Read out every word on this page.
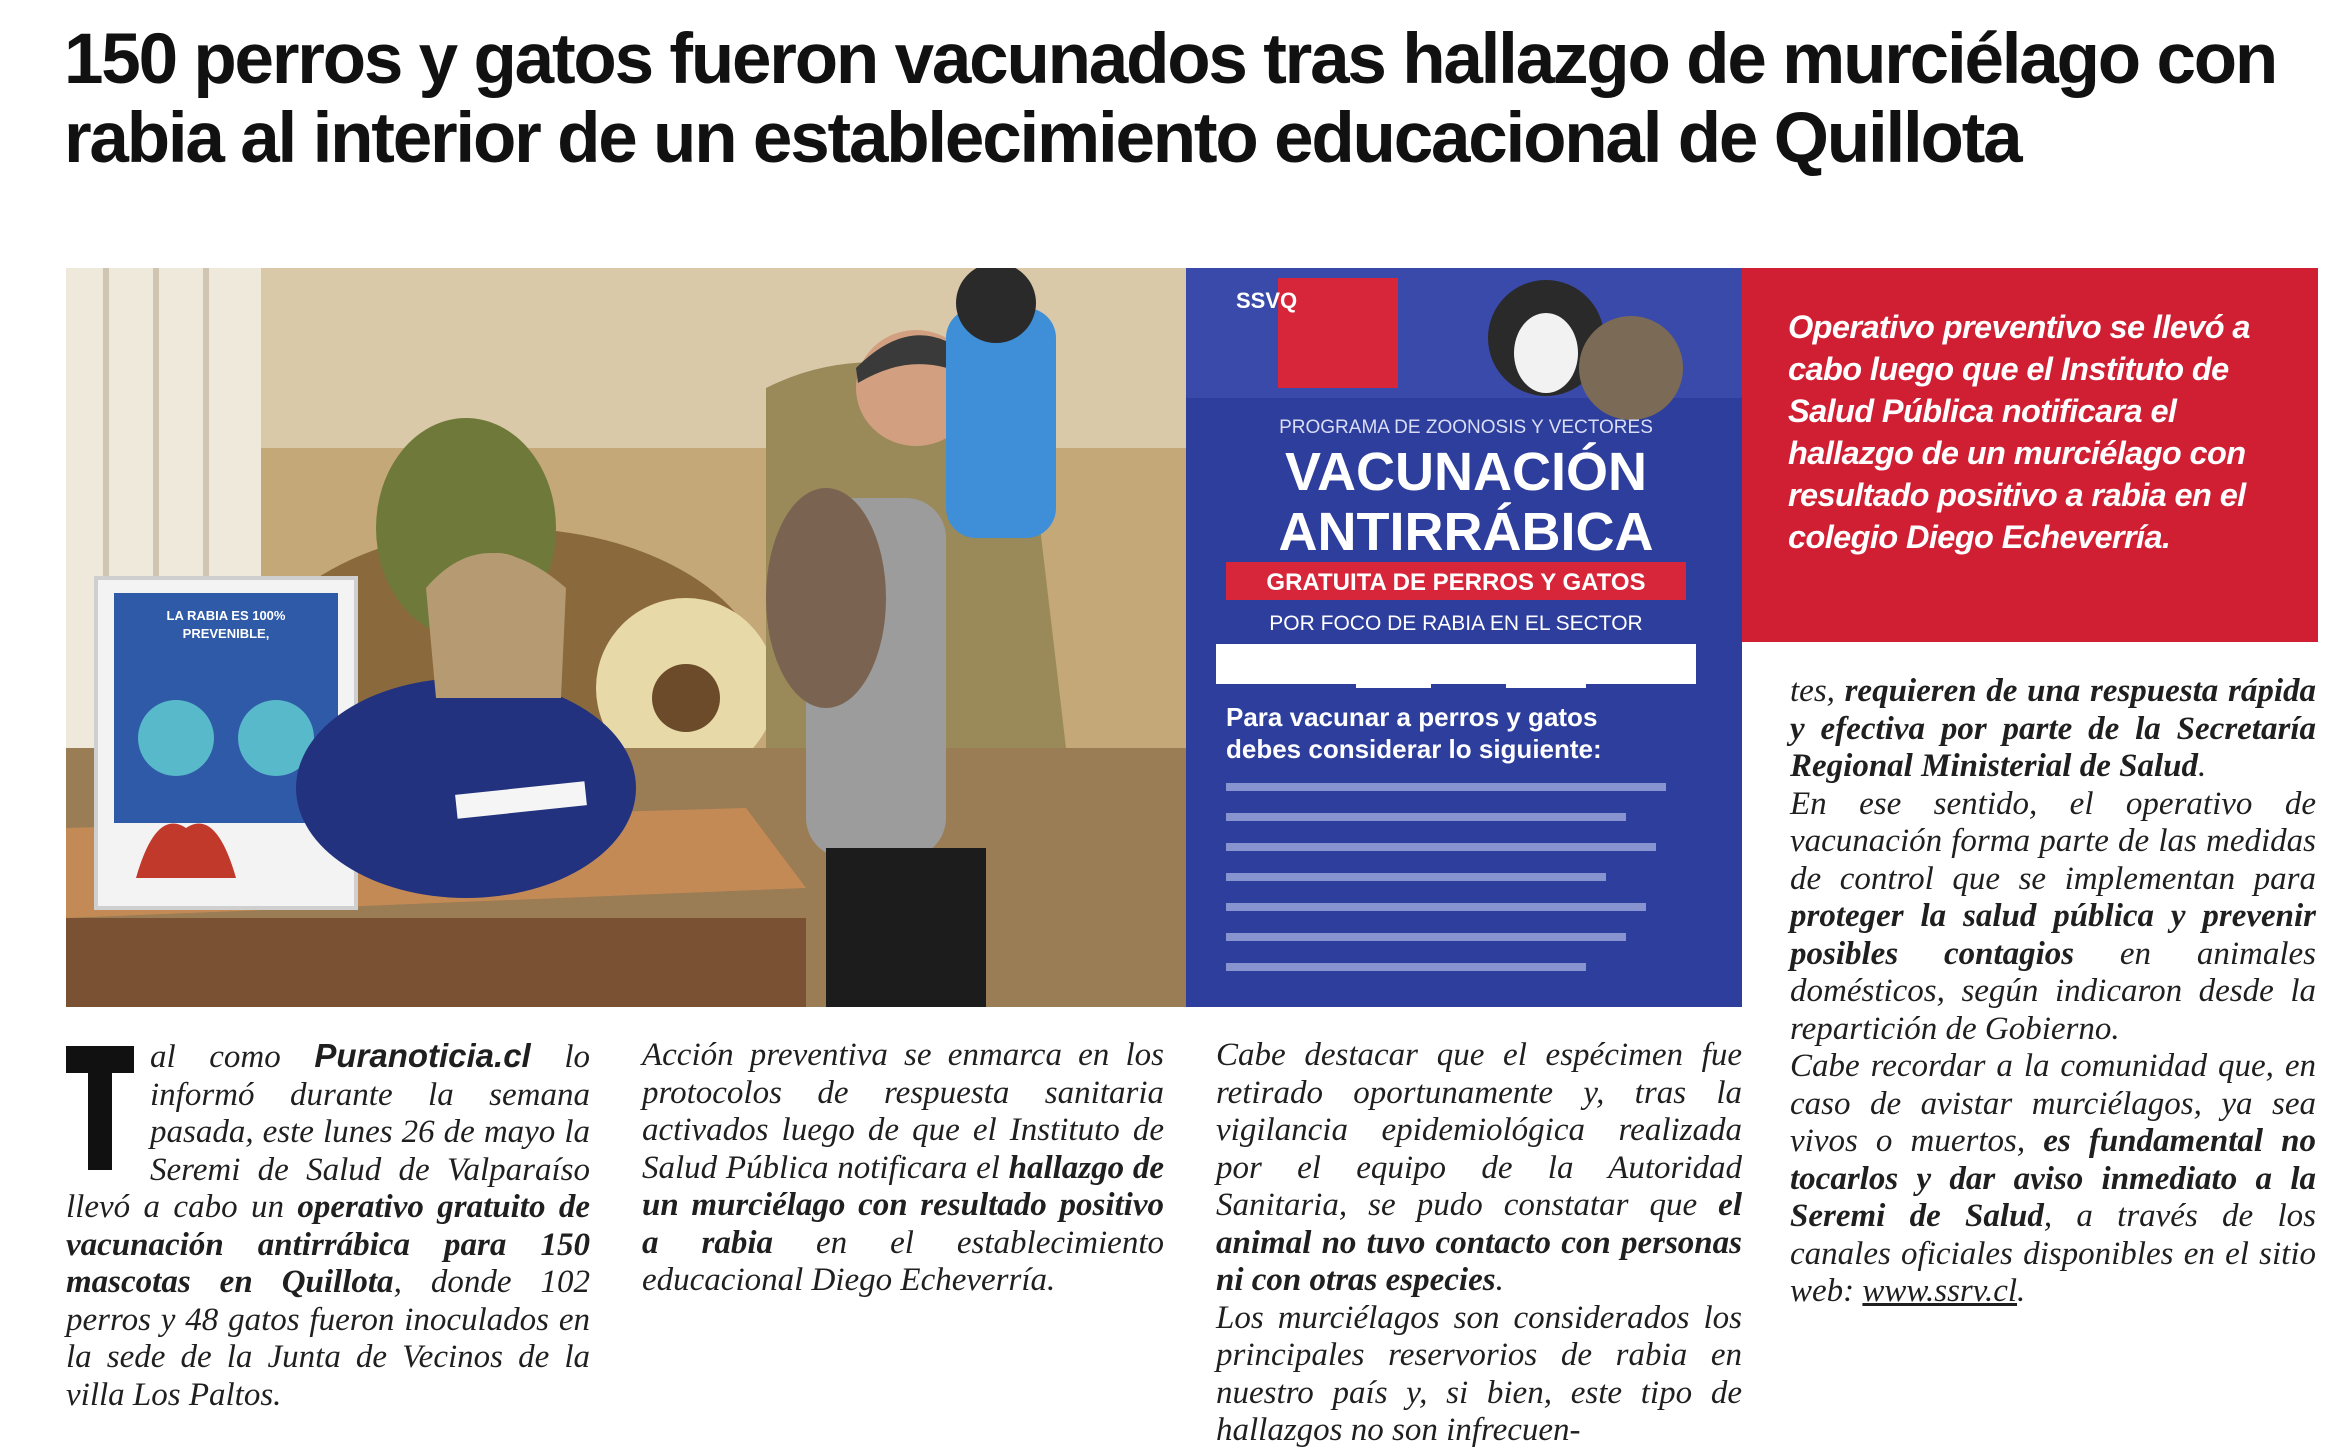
150 perros y gatos fueron vacunados tras hallazgo de murciélago con rabia al interior de un establecimiento educacional de Quillota
LA RABIA ES 100%
PREVENIBLE,
SSVQ
PROGRAMA DE ZOONOSIS Y VECTORES
VACUNACIÓN
ANTIRRÁBICA
GRATUITA DE PERROS Y GATOS
POR FOCO DE RABIA EN EL SECTOR
Atención de	Hrs. a	Hrs.
Para vacunar a perros y gatos
debes considerar lo siguiente:

Operativo preventivo se llevó a cabo luego que el Instituto de Salud Pública notificara el hallazgo de un murciélago con resultado positivo a rabia en el colegio Diego Echeverría.

al como Puranoticia.cl lo informó durante la semana pasada, este lunes 26 de mayo la Seremi de Salud de Valparaíso llevó a cabo un operativo gratuito de vacunación antirrábica para 150 mascotas en Quillota, donde 102 perros y 48 gatos fueron inoculados en la sede de la Junta de Vecinos de la villa Los Paltos.

Acción preventiva se enmarca en los protocolos de respuesta sanitaria activados luego de que el Instituto de Salud Pública notificara el hallazgo de un murciélago con resultado positivo a rabia en el establecimiento educacional Diego Echeverría.

Cabe destacar que el espécimen fue retirado oportunamente y, tras la vigilancia epidemiológica realizada por el equipo de la Autoridad Sanitaria, se pudo constatar que el animal no tuvo contacto con personas ni con otras especies.

Los murciélagos son considerados los principales reservorios de rabia en nuestro país y, si bien, este tipo de hallazgos no son infrecuen-

tes, requieren de una respuesta rápida y efectiva por parte de la Secretaría Regional Ministerial de Salud.

En ese sentido, el operativo de vacunación forma parte de las medidas de control que se implementan para proteger la salud pública y prevenir posibles contagios en animales domésticos, según indicaron desde la repartición de Gobierno.

Cabe recordar a la comunidad que, en caso de avistar murciélagos, ya sea vivos o muertos, es fundamental no tocarlos y dar aviso inmediato a la Seremi de Salud, a través de los canales oficiales disponibles en el sitio web: www.ssrv.cl.
